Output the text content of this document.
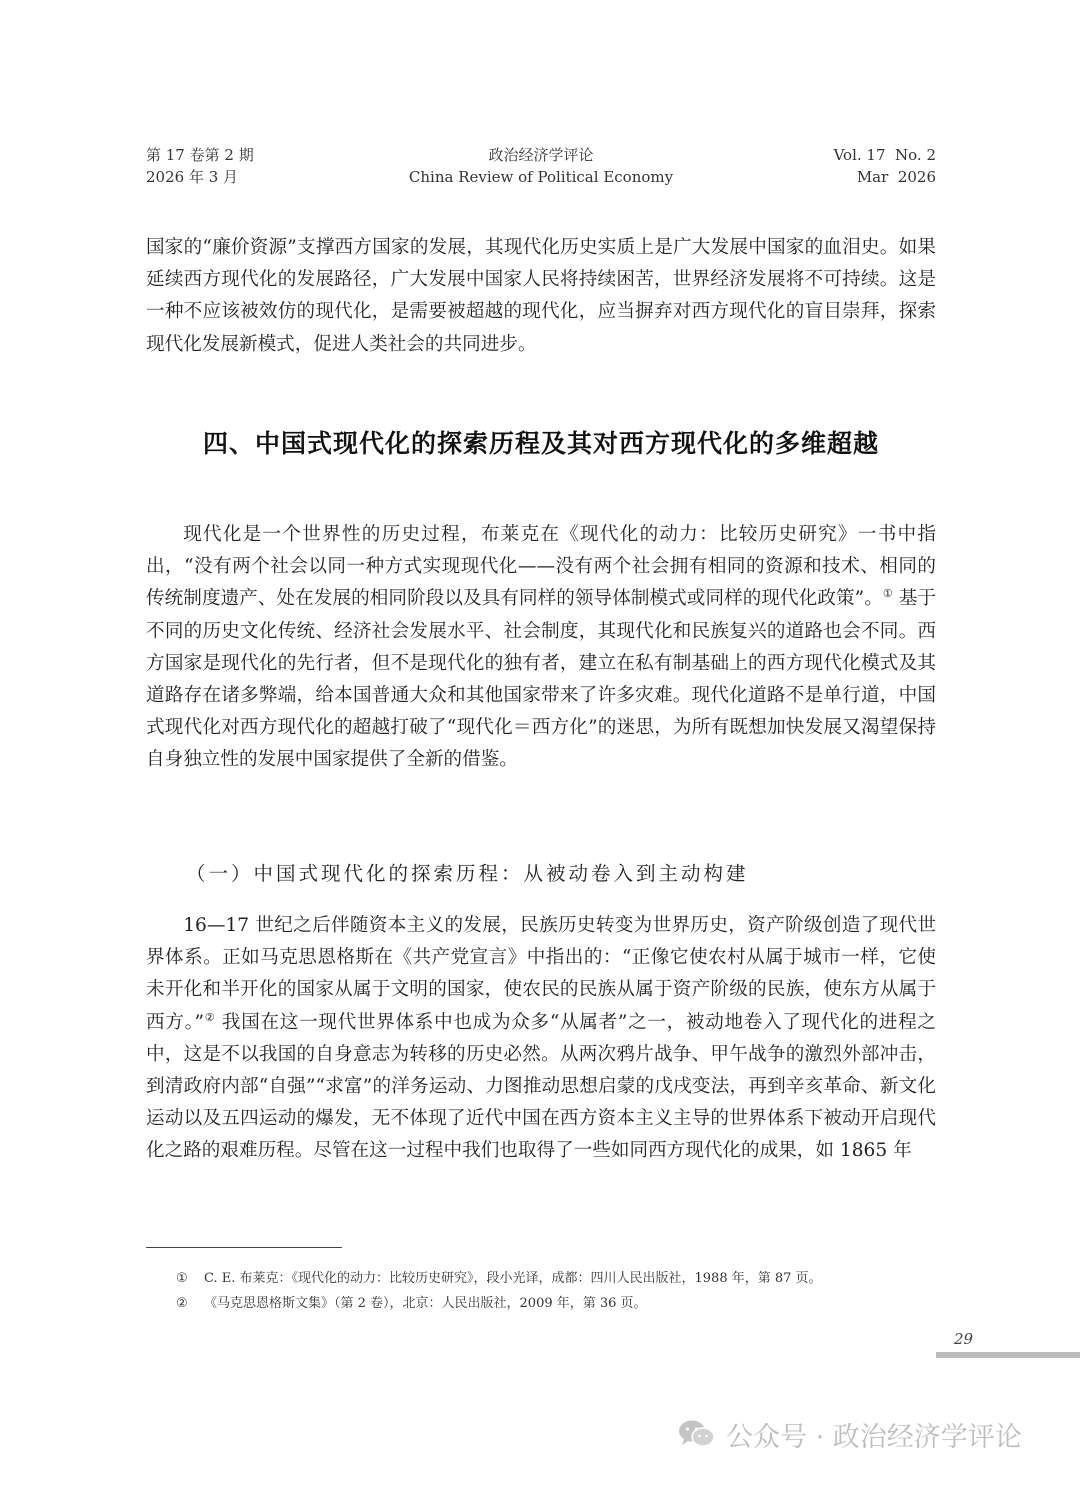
第 17 卷第 2 期
2026 年 3 月
政治经济学评论
China Review of Political Economy
Vol. 17  No. 2
Mar  2026
国家的“廉价资源”支撑西方国家的发展，其现代化历史实质上是广大发展中国家的血泪史。如果延续西方现代化的发展路径，广大发展中国家人民将持续困苦，世界经济发展将不可持续。这是一种不应该被效仿的现代化，是需要被超越的现代化，应当摒弃对西方现代化的盲目崇拜，探索现代化发展新模式，促进人类社会的共同进步。
四、中国式现代化的探索历程及其对西方现代化的多维超越
现代化是一个世界性的历史过程，布莱克在《现代化的动力：比较历史研究》一书中指出，“没有两个社会以同一种方式实现现代化——没有两个社会拥有相同的资源和技术、相同的传统制度遗产、处在发展的相同阶段以及具有同样的领导体制模式或同样的现代化政策”。① 基于不同的历史文化传统、经济社会发展水平、社会制度，其现代化和民族复兴的道路也会不同。西方国家是现代化的先行者，但不是现代化的独有者，建立在私有制基础上的西方现代化模式及其道路存在诸多弊端，给本国普通大众和其他国家带来了许多灾难。现代化道路不是单行道，中国式现代化对西方现代化的超越打破了“现代化＝西方化”的迷思，为所有既想加快发展又渴望保持自身独立性的发展中国家提供了全新的借鉴。
（一）中国式现代化的探索历程：从被动卷入到主动构建
16—17 世纪之后伴随资本主义的发展，民族历史转变为世界历史，资产阶级创造了现代世界体系。正如马克思恩格斯在《共产党宣言》中指出的：“正像它使农村从属于城市一样，它使未开化和半开化的国家从属于文明的国家，使农民的民族从属于资产阶级的民族，使东方从属于西方。”② 我国在这一现代世界体系中也成为众多“从属者”之一，被动地卷入了现代化的进程之中，这是不以我国的自身意志为转移的历史必然。从两次鸦片战争、甲午战争的激烈外部冲击，到清政府内部“自强”“求富”的洋务运动、力图推动思想启蒙的戊戌变法，再到辛亥革命、新文化运动以及五四运动的爆发，无不体现了近代中国在西方资本主义主导的世界体系下被动开启现代化之路的艰难历程。尽管在这一过程中我们也取得了一些如同西方现代化的成果，如 1865 年
① C. E. 布莱克：《现代化的动力：比较历史研究》，段小光译，成都：四川人民出版社，1988 年，第 87 页。
② 《马克思恩格斯文集》（第 2 卷），北京：人民出版社，2009 年，第 36 页。
29
公众号 · 政治经济学评论
